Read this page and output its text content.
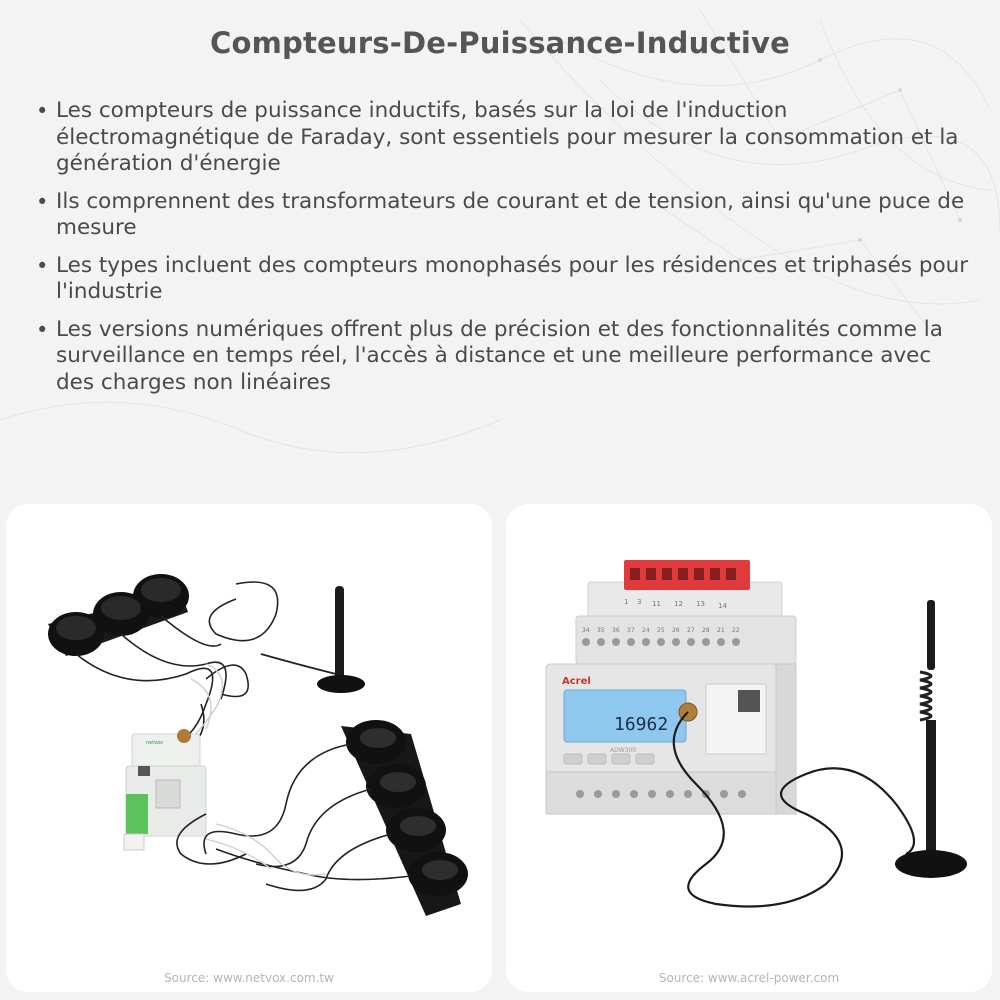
Compteurs-De-Puissance-Inductive
• Les compteurs de puissance inductifs, basés sur la loi de l'induction électromagnétique de Faraday, sont essentiels pour mesurer la consommation et la génération d'énergie
• Ils comprennent des transformateurs de courant et de tension, ainsi qu'une puce de mesure
• Les types incluent des compteurs monophasés pour les résidences et triphasés pour l'industrie
• Les versions numériques offrent plus de précision et des fonctionnalités comme la surveillance en temps réel, l'accès à distance et une meilleure performance avec des charges non linéaires
netvox
Source: www.netvox.com.tw
1 3 11 12 13 14
34 35 36 37 24 25 26 27 28 21 22
Acrel
16962
ADW300
Source: www.acrel-power.com
